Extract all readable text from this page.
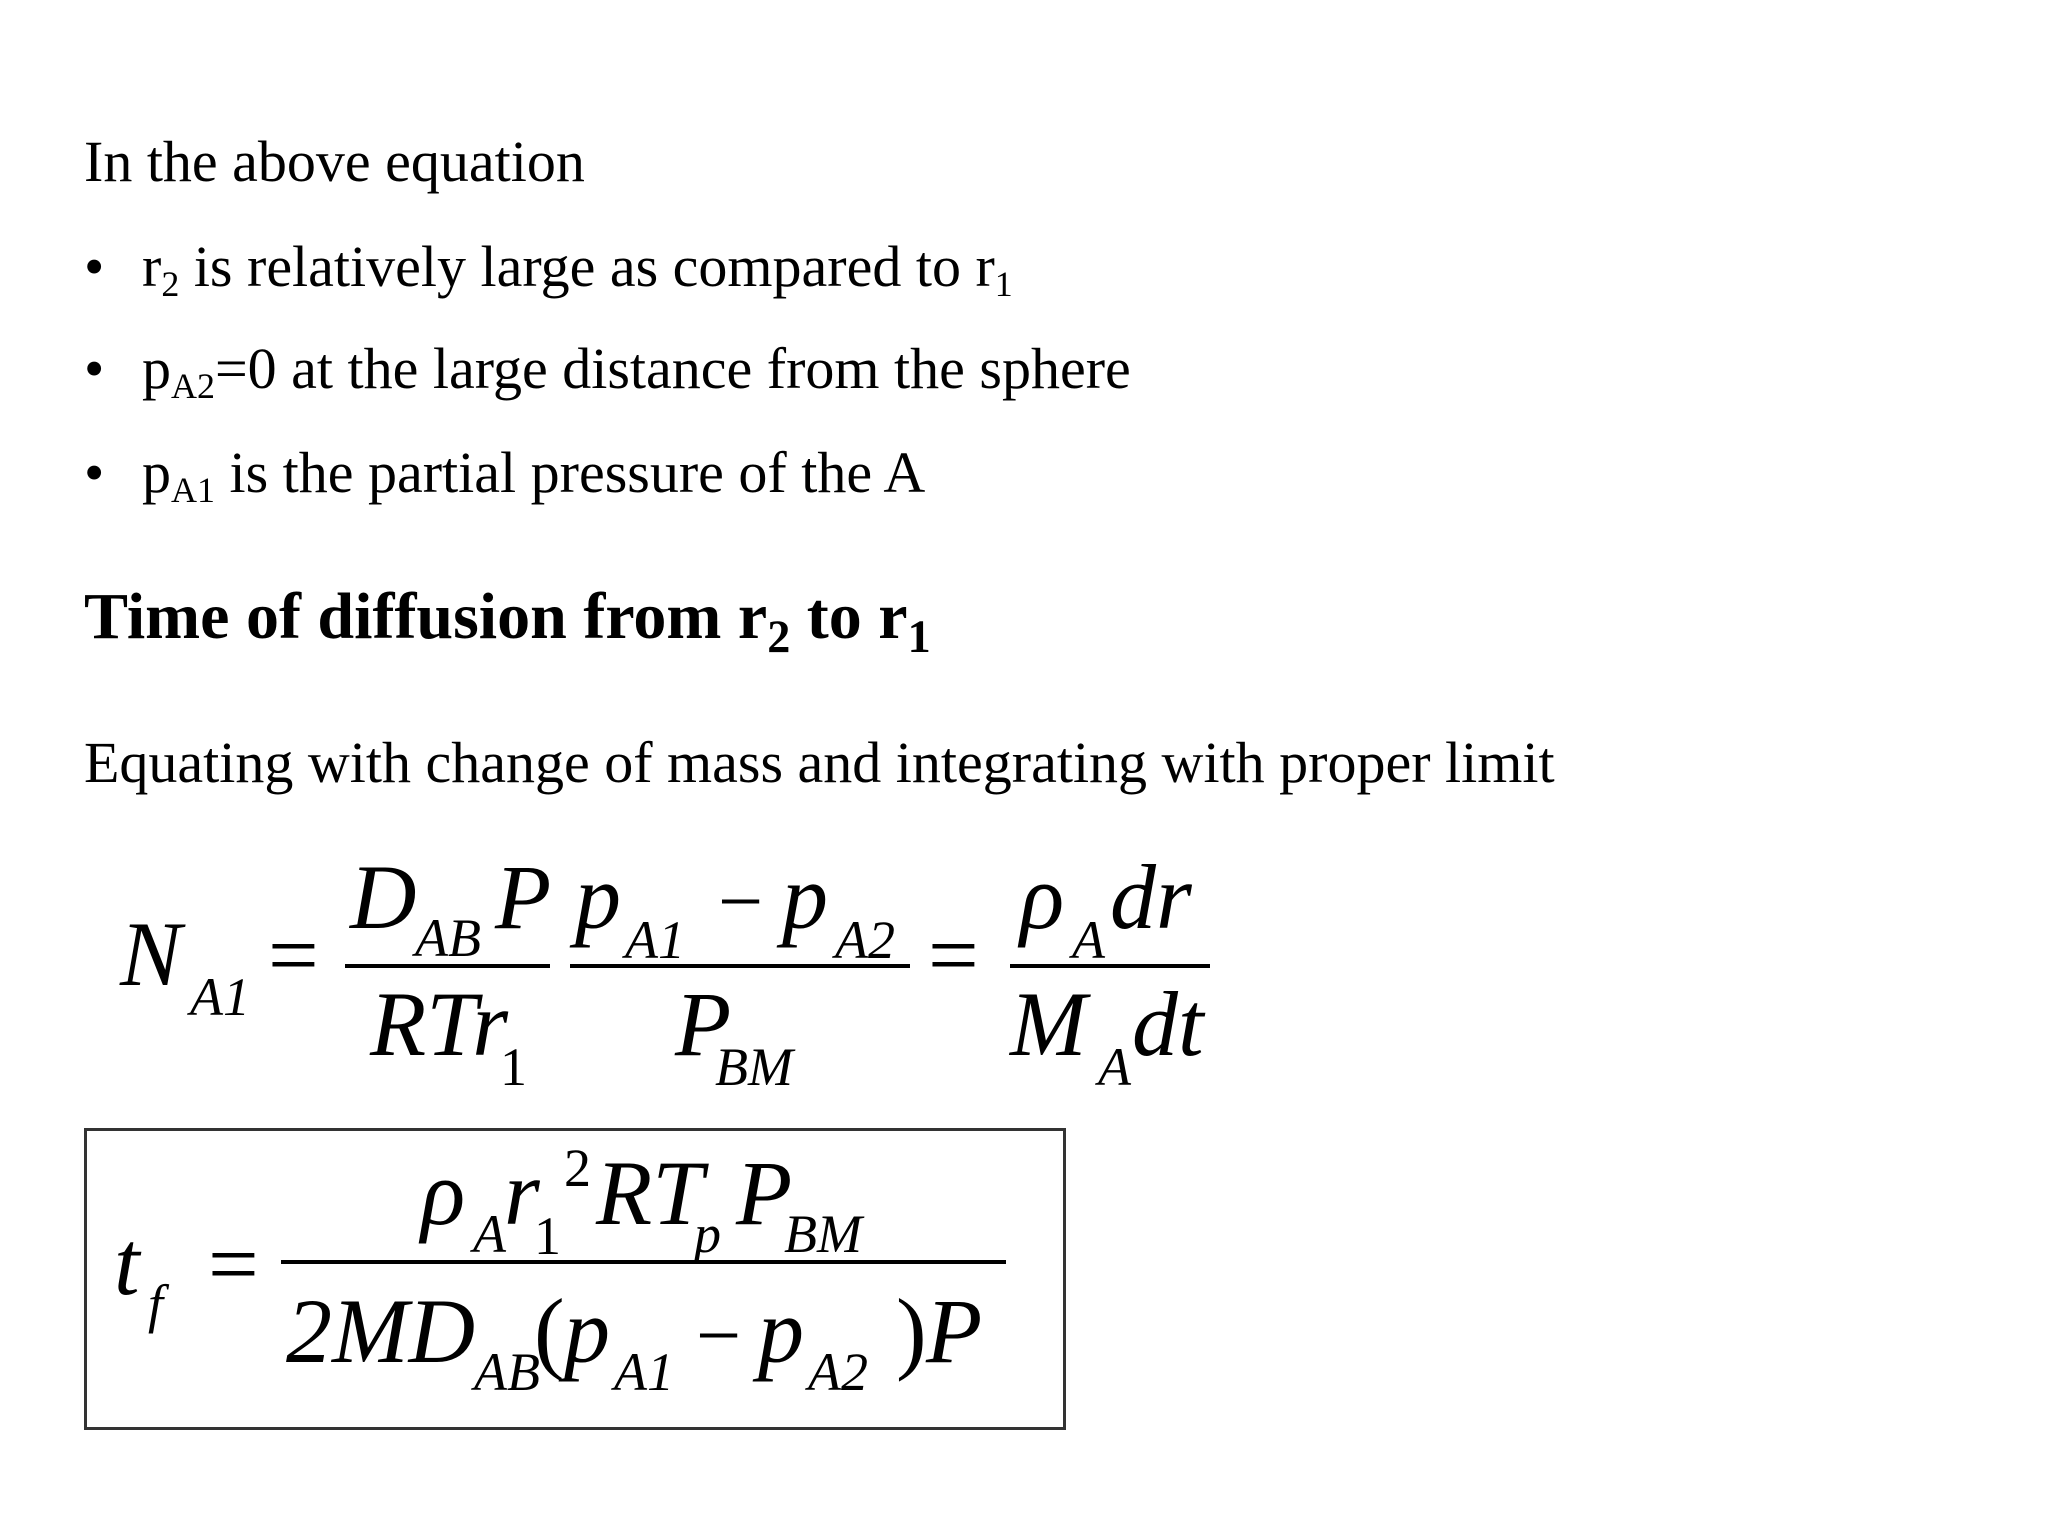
In the above equation
• $r_2$ is relatively large as compared to $r_1$
• $p_{A2}=0$ at the large distance from the sphere
• $p_{A1}$ is the partial pressure of the A
Time of diffusion from $r_2$ to $r_1$
Equating with change of mass and integrating with proper limit
N A1 =
D
AB P
RTr
1
p A1 − p A2
P
BM
=
ρ A dr
M A dt
t f =
ρ A
r
1
2 RT
p P
BM
2MD
AB
( p A1 − p A2 ) P
